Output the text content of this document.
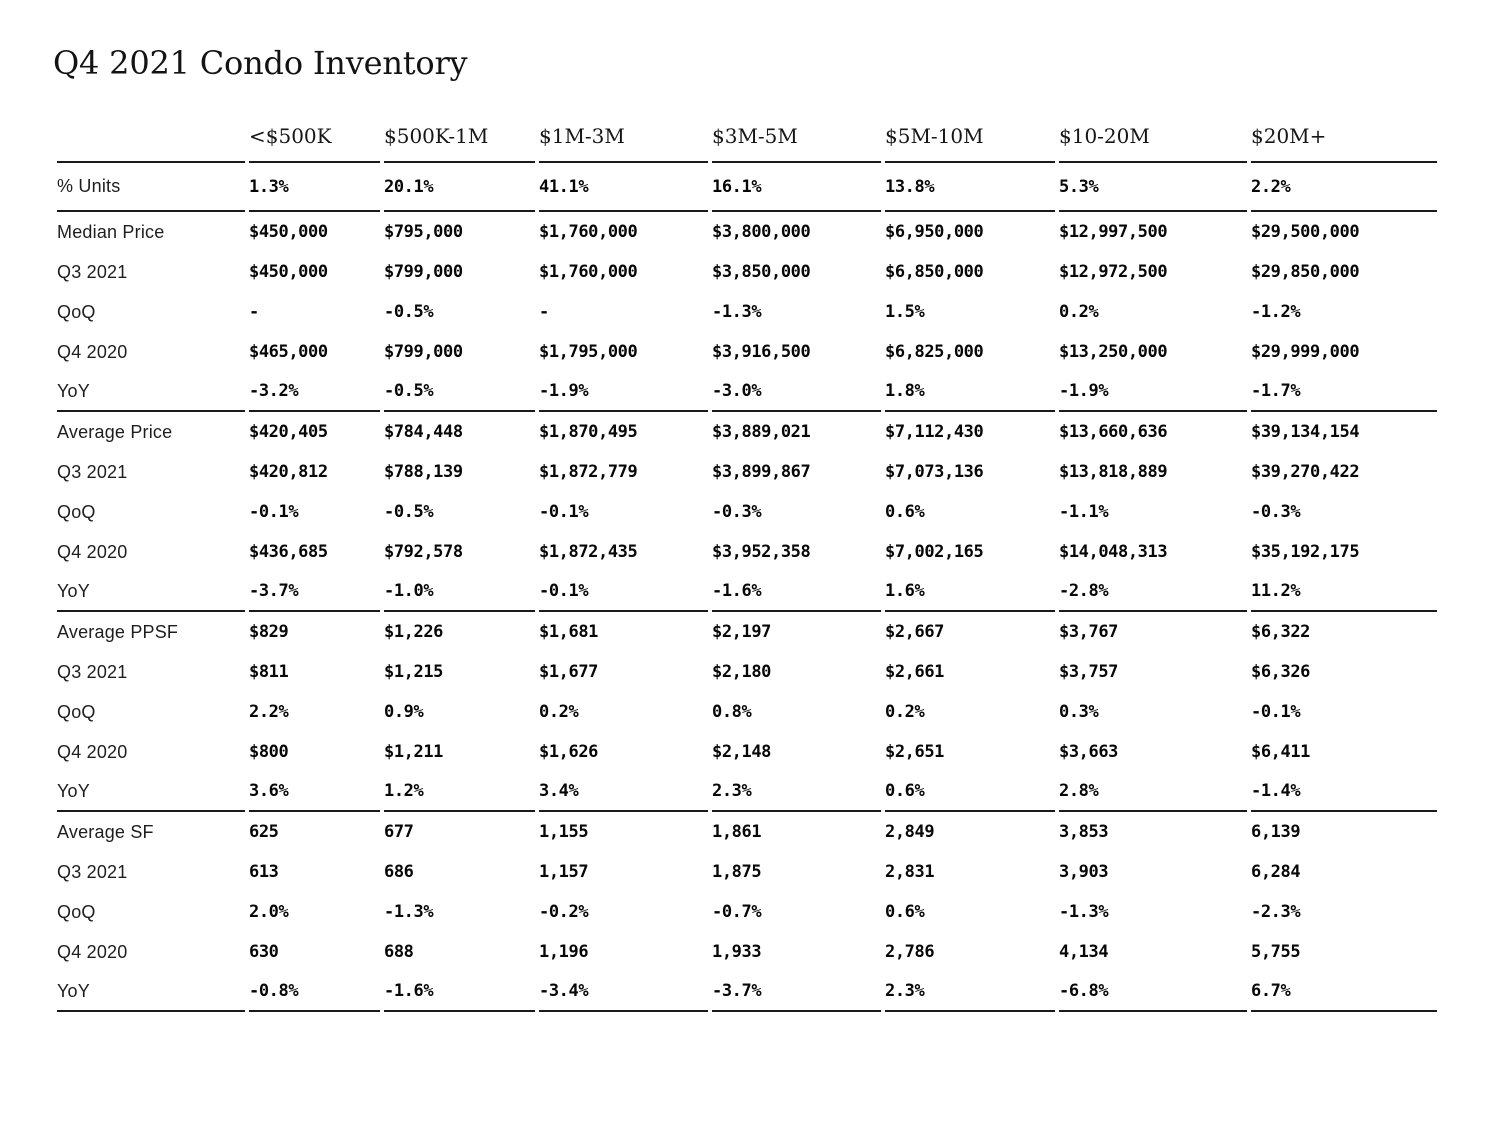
Q4 2021 Condo Inventory
	<$500K	$500K-1M	$1M-3M	$3M-5M	$5M-10M	$10-20M	$20M+
% Units	1.3%	20.1%	41.1%	16.1%	13.8%	5.3%	2.2%
Median Price	$450,000	$795,000	$1,760,000	$3,800,000	$6,950,000	$12,997,500	$29,500,000
Q3 2021	$450,000	$799,000	$1,760,000	$3,850,000	$6,850,000	$12,972,500	$29,850,000
QoQ	-	-0.5%	-	-1.3%	1.5%	0.2%	-1.2%
Q4 2020	$465,000	$799,000	$1,795,000	$3,916,500	$6,825,000	$13,250,000	$29,999,000
YoY	-3.2%	-0.5%	-1.9%	-3.0%	1.8%	-1.9%	-1.7%
Average Price	$420,405	$784,448	$1,870,495	$3,889,021	$7,112,430	$13,660,636	$39,134,154
Q3 2021	$420,812	$788,139	$1,872,779	$3,899,867	$7,073,136	$13,818,889	$39,270,422
QoQ	-0.1%	-0.5%	-0.1%	-0.3%	0.6%	-1.1%	-0.3%
Q4 2020	$436,685	$792,578	$1,872,435	$3,952,358	$7,002,165	$14,048,313	$35,192,175
YoY	-3.7%	-1.0%	-0.1%	-1.6%	1.6%	-2.8%	11.2%
Average PPSF	$829	$1,226	$1,681	$2,197	$2,667	$3,767	$6,322
Q3 2021	$811	$1,215	$1,677	$2,180	$2,661	$3,757	$6,326
QoQ	2.2%	0.9%	0.2%	0.8%	0.2%	0.3%	-0.1%
Q4 2020	$800	$1,211	$1,626	$2,148	$2,651	$3,663	$6,411
YoY	3.6%	1.2%	3.4%	2.3%	0.6%	2.8%	-1.4%
Average SF	625	677	1,155	1,861	2,849	3,853	6,139
Q3 2021	613	686	1,157	1,875	2,831	3,903	6,284
QoQ	2.0%	-1.3%	-0.2%	-0.7%	0.6%	-1.3%	-2.3%
Q4 2020	630	688	1,196	1,933	2,786	4,134	5,755
YoY	-0.8%	-1.6%	-3.4%	-3.7%	2.3%	-6.8%	6.7%
